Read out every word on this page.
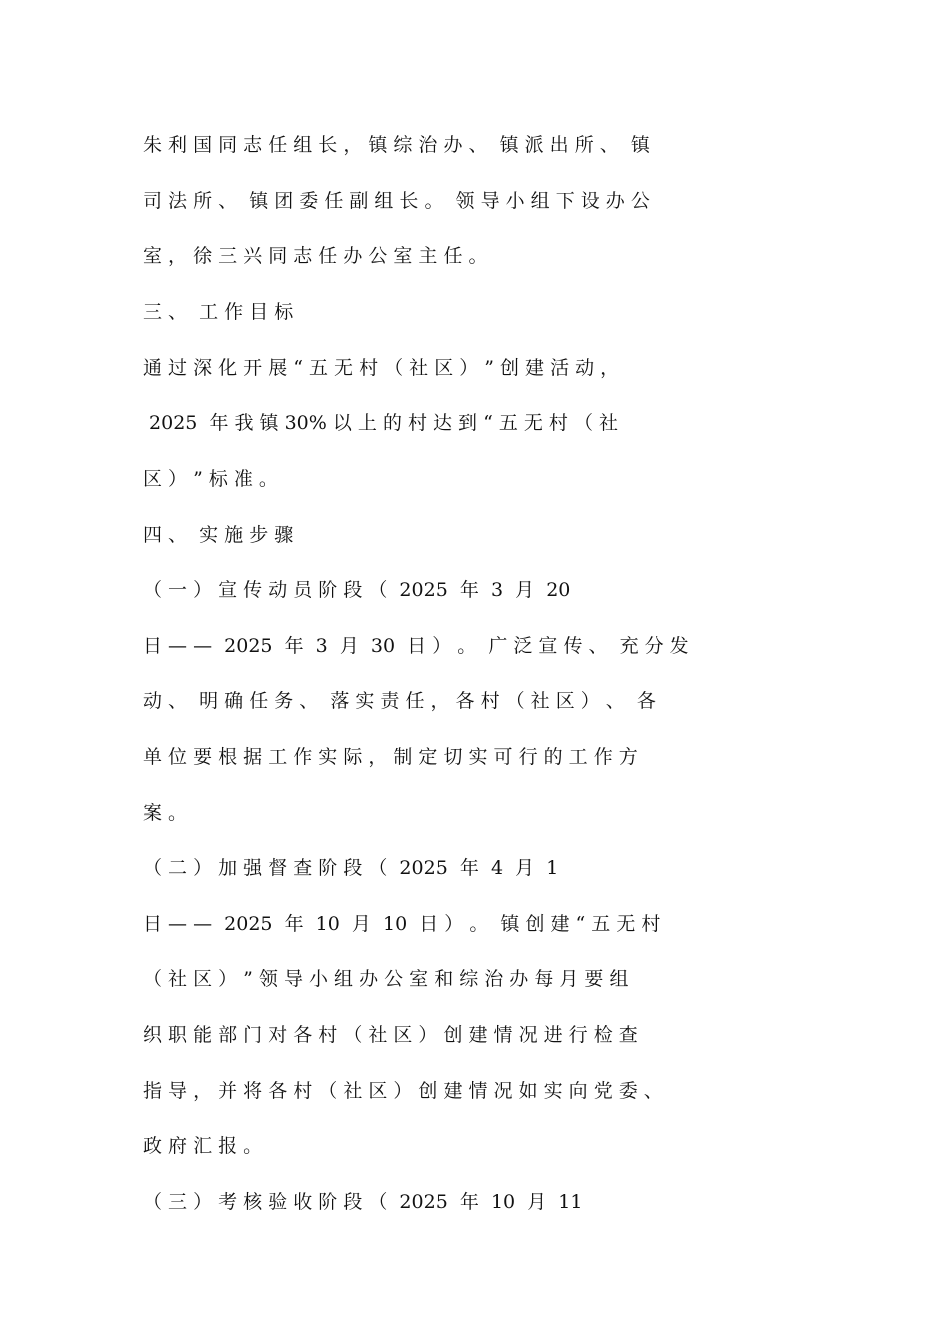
朱 利 国 同 志 任 组 长 ， 镇 综 治 办 、  镇 派 出 所 、  镇
司 法 所 、  镇 团 委 任 副 组 长 。  领 导 小 组 下 设 办 公
室 ， 徐 三 兴 同 志 任 办 公 室 主 任 。
三 、  工 作 目 标
通 过 深 化 开 展 “ 五 无 村 （ 社 区 ） ” 创 建 活 动 ，
2025  年 我 镇 30% 以 上 的 村 达 到 “ 五 无 村 （ 社
区 ） ” 标 准 。
四 、  实 施 步 骤
（ 一 ） 宣 传 动 员 阶 段 （  2025  年  3  月  20
日 — —  2025  年  3  月  30  日 ） 。  广 泛 宣 传 、  充 分 发
动 、  明 确 任 务 、  落 实 责 任 ， 各 村 （ 社 区 ） 、  各
单 位 要 根 据 工 作 实 际 ， 制 定 切 实 可 行 的 工 作 方
案 。
（ 二 ） 加 强 督 查 阶 段 （  2025  年  4  月  1
日 — —  2025  年  10  月  10  日 ） 。  镇 创 建 “ 五 无 村
（ 社 区 ） ” 领 导 小 组 办 公 室 和 综 治 办 每 月 要 组
织 职 能 部 门 对 各 村 （ 社 区 ） 创 建 情 况 进 行 检 查
指 导 ， 并 将 各 村 （ 社 区 ） 创 建 情 况 如 实 向 党 委 、
政 府 汇 报 。
（ 三 ） 考 核 验 收 阶 段 （  2025  年  10  月  11
